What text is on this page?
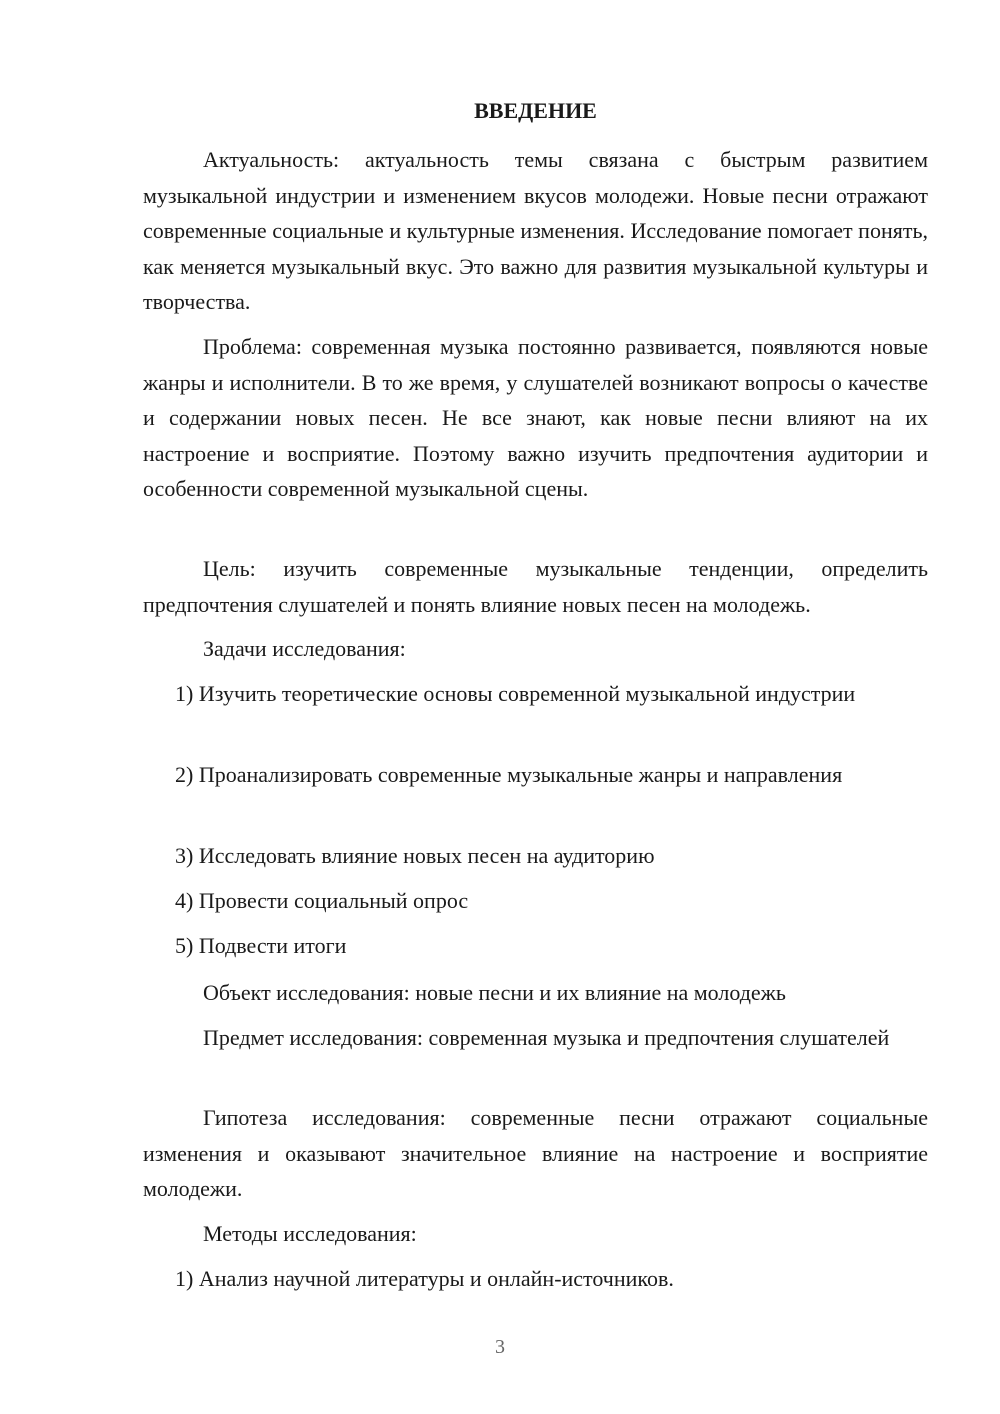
ВВЕДЕНИЕ

Актуальность: актуальность темы связана с быстрым развитием музыкальной индустрии и изменением вкусов молодежи. Новые песни отражают современные социальные и культурные изменения. Исследование помогает понять, как меняется музыкальный вкус. Это важно для развития музыкальной культуры и творчества.

Проблема: современная музыка постоянно развивается, появляются новые жанры и исполнители. В то же время, у слушателей возникают вопросы о качестве и содержании новых песен. Не все знают, как новые песни влияют на их настроение и восприятие. Поэтому важно изучить предпочтения аудитории и особенности современной музыкальной сцены.

Цель: изучить современные музыкальные тенденции, определить предпочтения слушателей и понять влияние новых песен на молодежь.

Задачи исследования:

1) Изучить теоретические основы современной музыкальной индустрии

2) Проанализировать современные музыкальные жанры и направления

3) Исследовать влияние новых песен на аудиторию

4) Провести социальный опрос

5) Подвести итоги

Объект исследования: новые песни и их влияние на молодежь

Предмет исследования: современная музыка и предпочтения слушателей

Гипотеза исследования: современные песни отражают социальные изменения и оказывают значительное влияние на настроение и восприятие молодежи.

Методы исследования:

1) Анализ научной литературы и онлайн-источников.

3
